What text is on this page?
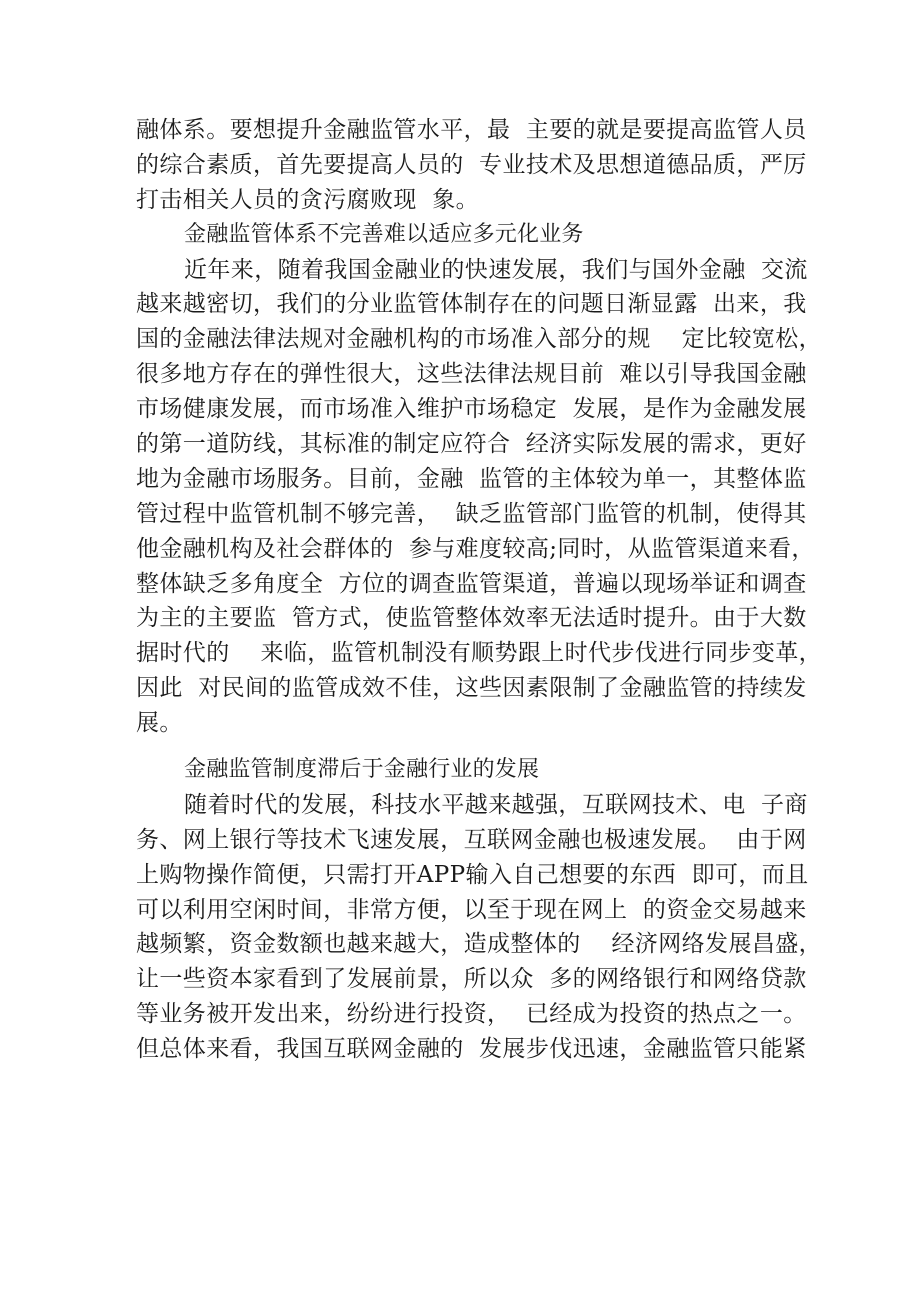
融体系。要想提升金融监管水平，最  主要的就是要提高监管人员
的综合素质，首先要提高人员的  专业技术及思想道德品质，严厉
打击相关人员的贪污腐败现  象。
金融监管体系不完善难以适应多元化业务
近年来，随着我国金融业的快速发展，我们与国外金融  交流
越来越密切，我们的分业监管体制存在的问题日渐显露  出来，我
国的金融法律法规对金融机构的市场准入部分的规    定比较宽松，
很多地方存在的弹性很大，这些法律法规目前  难以引导我国金融
市场健康发展，而市场准入维护市场稳定  发展，是作为金融发展
的第一道防线，其标准的制定应符合  经济实际发展的需求，更好
地为金融市场服务。目前，金融  监管的主体较为单一，其整体监
管过程中监管机制不够完善，  缺乏监管部门监管的机制，使得其
他金融机构及社会群体的  参与难度较高;同时，从监管渠道来看，
整体缺乏多角度全  方位的调查监管渠道，普遍以现场举证和调查
为主的主要监  管方式，使监管整体效率无法适时提升。由于大数
据时代的    来临，监管机制没有顺势跟上时代步伐进行同步变革，
因此  对民间的监管成效不佳，这些因素限制了金融监管的持续发
展。
金融监管制度滞后于金融行业的发展
随着时代的发展，科技水平越来越强，互联网技术、电  子商
务、网上银行等技术飞速发展，互联网金融也极速发展。  由于网
上购物操作简便，只需打开APP输入自己想要的东西  即可，而且
可以利用空闲时间，非常方便，以至于现在网上  的资金交易越来
越频繁，资金数额也越来越大，造成整体的    经济网络发展昌盛，
让一些资本家看到了发展前景，所以众  多的网络银行和网络贷款
等业务被开发出来，纷纷进行投资，  已经成为投资的热点之一。
但总体来看，我国互联网金融的  发展步伐迅速，金融监管只能紧
